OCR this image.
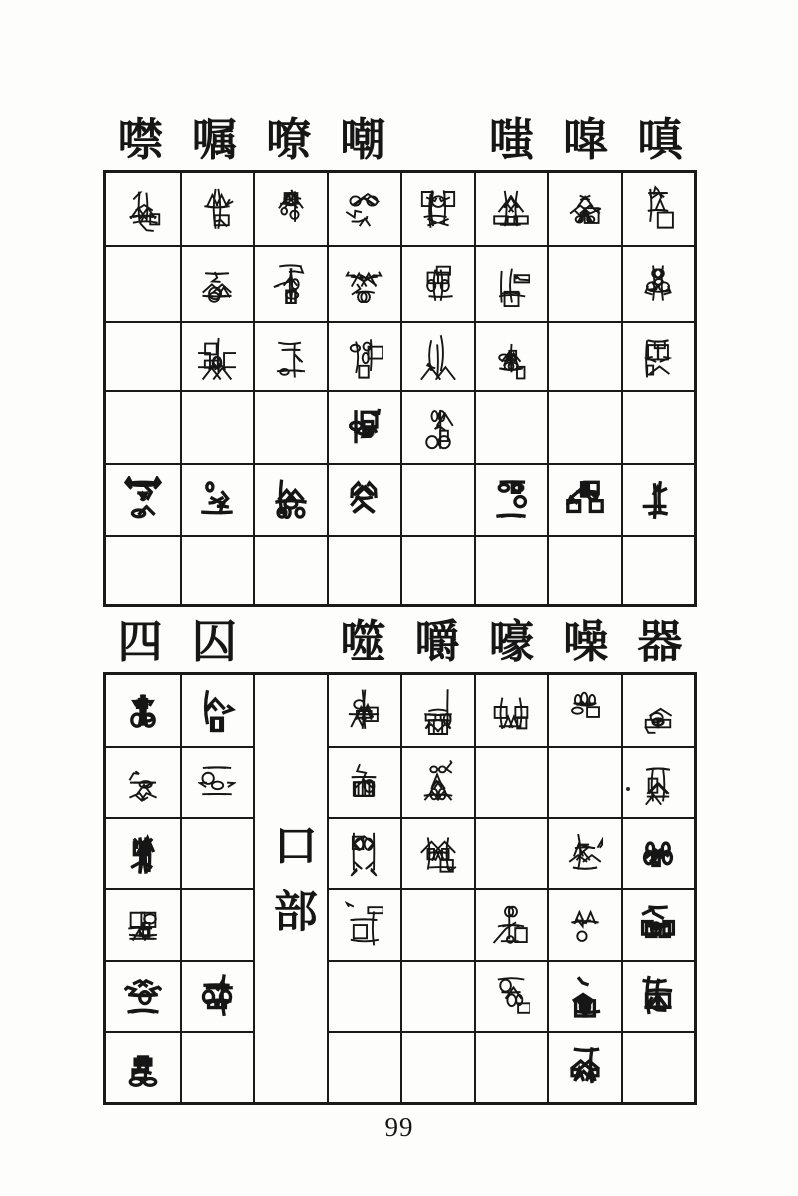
噤 嘱 嘹 嘲 𡅀 嗤 噑 嗔
四 囚	噬 嚼 嚎 噪 器
口部
99
